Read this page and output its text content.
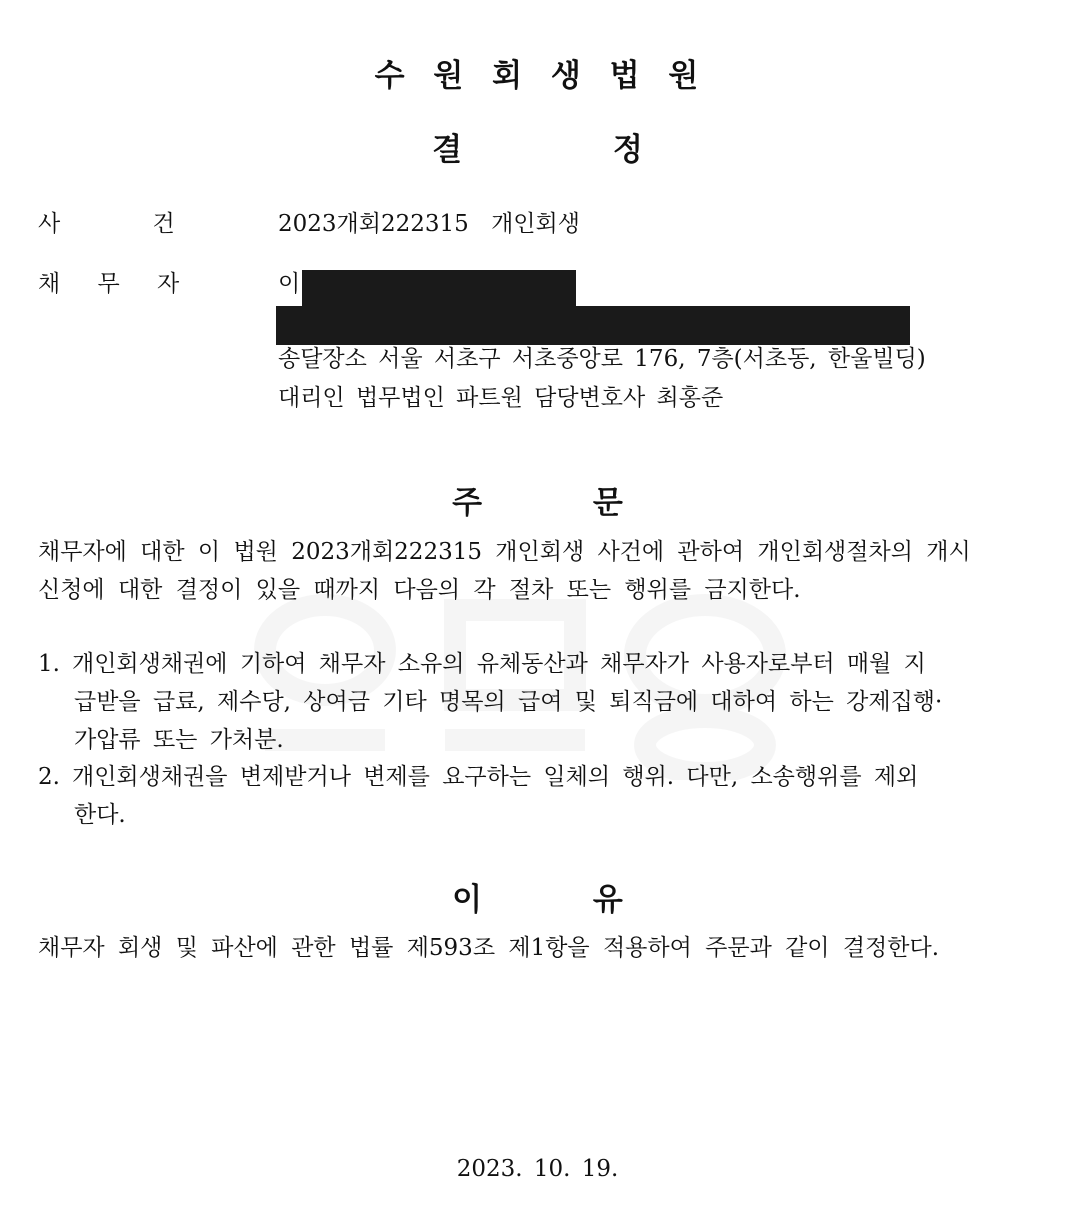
수 원 회 생 법 원
결 정
사 건	2023개회222315 개인회생
채 무 자	이
송달장소 서울 서초구 서초중앙로 176, 7층(서초동, 한울빌딩)
대리인 법무법인 파트원 담당변호사 최홍준
주 문
채무자에 대한 이 법원 2023개회222315 개인회생 사건에 관하여 개인회생절차의 개시
신청에 대한 결정이 있을 때까지 다음의 각 절차 또는 행위를 금지한다.
1. 개인회생채권에 기하여 채무자 소유의 유체동산과 채무자가 사용자로부터 매월 지
급받을 급료, 제수당, 상여금 기타 명목의 급여 및 퇴직금에 대하여 하는 강제집행·
가압류 또는 가처분.
2. 개인회생채권을 변제받거나 변제를 요구하는 일체의 행위. 다만, 소송행위를 제외
한다.
이 유
채무자 회생 및 파산에 관한 법률 제593조 제1항을 적용하여 주문과 같이 결정한다.
2023. 10. 19.
